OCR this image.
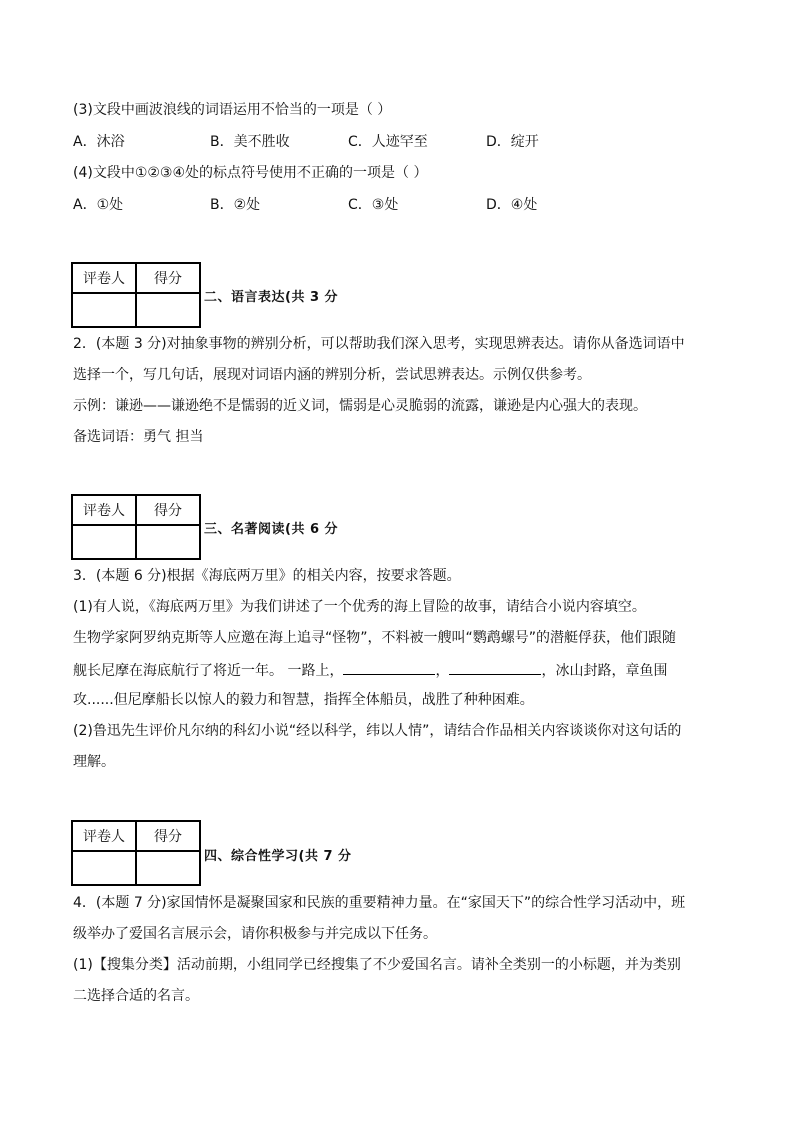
(3)文段中画波浪线的词语运用不恰当的一项是（ ）
A．沐浴	B．美不胜收	C．人迹罕至	D．绽开
(4)文段中①②③④处的标点符号使用不正确的一项是（ ）
A．①处	B．②处	C．③处	D．④处
评卷人	得分

二、语言表达(共 3 分
2．(本题 3 分)对抽象事物的辨别分析，可以帮助我们深入思考，实现思辨表达。请你从备选词语中
选择一个，写几句话，展现对词语内涵的辨别分析，尝试思辨表达。示例仅供参考。
示例：谦逊——谦逊绝不是懦弱的近义词，懦弱是心灵脆弱的流露，谦逊是内心强大的表现。
备选词语：勇气 担当
评卷人	得分

三、名著阅读(共 6 分
3．(本题 6 分)根据《海底两万里》的相关内容，按要求答题。
(1)有人说，《海底两万里》为我们讲述了一个优秀的海上冒险的故事，请结合小说内容填空。
生物学家阿罗纳克斯等人应邀在海上追寻“怪物”，不料被一艘叫“鹦鹉螺号”的潜艇俘获，他们跟随
舰长尼摩在海底航行了将近一年。 一路上，	，	，冰山封路，章鱼围
攻......但尼摩船长以惊人的毅力和智慧，指挥全体船员，战胜了种种困难。
(2)鲁迅先生评价凡尔纳的科幻小说“经以科学，纬以人情”，请结合作品相关内容谈谈你对这句话的
理解。
评卷人	得分

四、综合性学习(共 7 分
4．(本题 7 分)家国情怀是凝聚国家和民族的重要精神力量。在“家国天下”的综合性学习活动中，班
级举办了爱国名言展示会，请你积极参与并完成以下任务。
(1)【搜集分类】活动前期，小组同学已经搜集了不少爱国名言。请补全类别一的小标题，并为类别
二选择合适的名言。
